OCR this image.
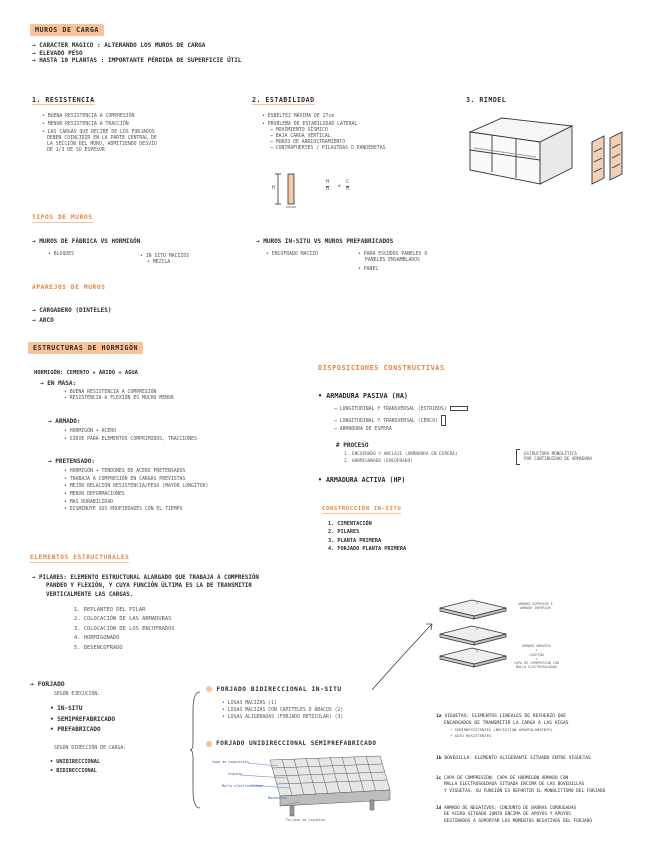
MUROS DE CARGA
→ CARACTER MAGICO : ALTERANDO LOS MUROS DE CARGA
→ ELEVADO PESO
→ HASTA 10 PLANTAS : IMPORTANTE PÉRDIDA DE SUPERFICIE ÚTIL
1. RESISTENCIA
• BUENA RESISTENCIA A COMPRESIÓN
• MENOR RESISTENCIA A TRACCIÓN
• LAS CARGAS QUE RECIBE DE LOS FORJADOS
DEBEN COINCIDIR EN LA PARTE CENTRAL DE
LA SECCIÓN DEL MURO, ADMITIENDO DESVÍO
DE 1/3 DE SU ESPESOR
2. ESTABILIDAD
• ESBELTEZ MÁXIMA DE 27cm
• PROBLEMA DE ESTABILIDAD LATERAL
→ MOVIMIENTO SÍSMICO
→ BAJA CARGA VERTICAL
→ MUROS DE ARRIOSTRAMIENTO
→ CONTRAFUERTES / PILASTRAS O PANDERETAS
H	$\frac{H}{H} \le \frac{C}{H}$
3. RIMDEL
TIPOS DE MUROS
→ MUROS DE FÁBRICA VS HORMIGÓN
• BLOQUES	• IN SITU MACIZOS
• MEZCLA
→ MUROS IN-SITU VS MUROS PREFABRICADOS
• ENCOFRADO MACIZO	• PARA ESCUDOS PANELES O
PANELES ENSAMBLADOS
• PANEL
APAREJOS DE MUROS
→ CARGADERO (DINTELES)
→ ARCO
ESTRUCTURAS DE HORMIGÓN
HORMIGÓN: CEMENTO + ÁRIDO + AGUA
→ EN MASA:
• BUENA RESISTENCIA A COMPRESIÓN
• RESISTENCIA A FLEXIÓN ES MUCHO MENOR
→ ARMADO:
• HORMIGÓN + ACERO
• SIRVE PARA ELEMENTOS COMPRIMIDOS, TRACCIONES
→ PRETENSADO:
• HORMIGÓN + TENDONES DE ACERO PRETENSADOS
• TRABAJA A COMPRESIÓN EN CARGAS PREVISTAS
• MEJOR RELACIÓN RESISTENCIA/PESO (MAYOR LONGITUD)
• MENOR DEFORMACIONES
• MAS DURABILIDAD
• DISMINUYE SUS PROPIEDADES CON EL TIEMPO
DISPOSICIONES CONSTRUCTIVAS
• ARMADURA PASIVA (HA)
→ LONGITUDINAL Y TRANSVERSAL (ESTRIBOS)
→ LONGITUDINAL Y TRANSVERSAL (CERCO)
→ ARMADURA DE ESPERA
# PROCESO
1. ENCOFRADO Y ANCLAJE (ARMADURA EN ESPERA)
2. HORMIGONADO (ENCOFRADO)
ESTRUCTURA MONOLÍTICA
POR CONTINUIDAD DE ARMADURA
• ARMADURA ACTIVA (HP)
CONSTRUCCIÓN IN-SITU
1. CIMENTACIÓN
2. PILARES
3. PLANTA PRIMERA
4. FORJADO PLANTA PRIMERA
ELEMENTOS ESTRUCTURALES
→ PILARES: ELEMENTO ESTRUCTURAL ALARGADO QUE TRABAJA A COMPRESIÓN
PANDEO Y FLEXIÓN, Y CUYA FUNCIÓN ÚLTIMA ES LA DE TRANSMITIR
VERTICALMENTE LAS CARGAS.
1. REPLANTEO DEL PILAR
2. COLOCACIÓN DE LAS ARMADURAS
3. COLOCACIÓN DE LOS ENCOFRADOS
4. HORMIGONADO
5. DESENCOFRADO
1
2
3
ARMADO SUPERIOR E
ARMADO INFERIOR
ARMADO NERVIOS
+
CASETÓN
+
CAPA DE COMPRESIÓN CON
MALLA ELECTROSOLDADA
→ FORJADO
SEGÚN EJECUCIÓN:
• IN-SITU
• SEMIPREFABRICADO
• PREFABRICADO
SEGÚN DIRECCIÓN DE CARGA:
• UNIDIRECCIONAL
• BIDIRECCIONAL
FORJADO BIDIRECCIONAL IN-SITU
• LOSAS MACIZAS (1)
• LOSAS MACIZAS CON CAPITELES O ÁBACOS (2)
• LOSAS ALIGERADAS (FORJADO RETICULAR) (3)
FORJADO UNIDIRECCIONAL SEMIPREFABRICADO
Capa de compresión
Vigueta
Malla electrosoldada
Bovedilla
Forjado de viguetas
1a VIGUETAS: ELEMENTOS LINEALES DE REFUERZO QUE
ENCARGADOS DE TRANSMITIR LA CARGA A LAS VIGAS
→ SEMIRRESISTENTES (NECESITAN APUNTALAMIENTO)
→ AUTO RESISTENTES
1b BOVEDILLA: ELEMENTO ALIGERANTE SITUADO ENTRE VIGUETAS
1c CAPA DE COMPRESIÓN: CAPA DE HORMIGÓN ARMADO CON
MALLA ELECTROSOLDADA SITUADA ENCIMA DE LAS BOVEDILLAS
Y VIGUETAS. SU FUNCIÓN ES REPARTIR EL MONOLITISMO DEL FORJADO
1d ARMADO DE NEGATIVOS: CONJUNTO DE BARRAS CORRUGADAS
DE ACERO SITUADO JUNTO ENCIMA DE APOYOS Y APOYOS
DESTINADOS A SOPORTAR LOS MOMENTOS NEGATIVOS DEL FORJADO
